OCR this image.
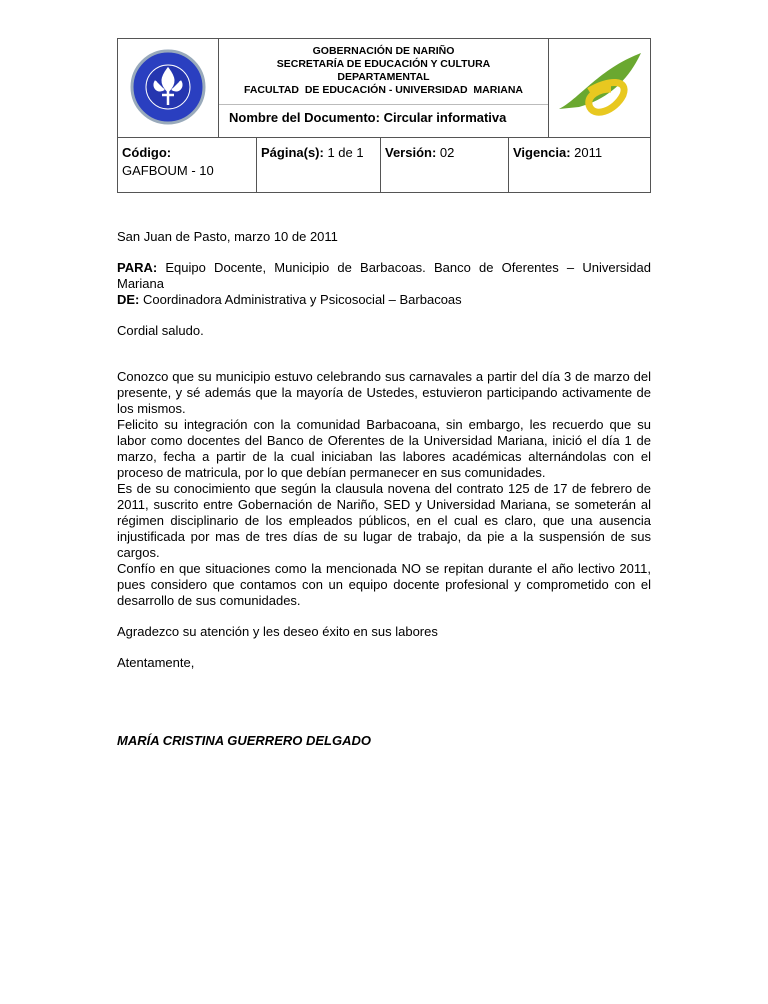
GOBERNACIÓN DE NARIÑO
SECRETARÍA DE EDUCACIÓN Y CULTURA
DEPARTAMENTAL
FACULTAD  DE EDUCACIÓN - UNIVERSIDAD  MARIANA
Nombre del Documento: Circular informativa
Código:
GAFBOUM - 10
Página(s): 1 de 1	Versión: 02	Vigencia: 2011

San Juan de Pasto, marzo 10 de 2011

PARA: Equipo Docente, Municipio de Barbacoas. Banco de Oferentes – Universidad Mariana

DE: Coordinadora Administrativa y Psicosocial – Barbacoas

Cordial saludo.

Conozco que su municipio estuvo celebrando sus carnavales a partir del día 3 de marzo del presente, y sé además que la mayoría de Ustedes, estuvieron participando activamente de los mismos.

Felicito su integración con la comunidad Barbacoana, sin embargo, les recuerdo que su labor como docentes del Banco de Oferentes de la Universidad Mariana, inició el día 1 de marzo, fecha a partir de la cual iniciaban las labores académicas alternándolas con el proceso de matricula, por lo que debían permanecer en sus comunidades.

Es de su conocimiento que según la clausula novena del contrato 125 de 17 de febrero de 2011, suscrito entre Gobernación de Nariño, SED y Universidad Mariana, se someterán al régimen disciplinario de los empleados públicos, en el cual es claro, que una ausencia injustificada por mas de tres días de su lugar de trabajo, da pie a la suspensión de sus cargos.

Confío en que situaciones como la mencionada NO se repitan durante el año lectivo 2011, pues considero que contamos con un equipo docente profesional y comprometido con el desarrollo de sus comunidades.

Agradezco su atención y les deseo éxito en sus labores

Atentamente,

MARÍA CRISTINA GUERRERO DELGADO
